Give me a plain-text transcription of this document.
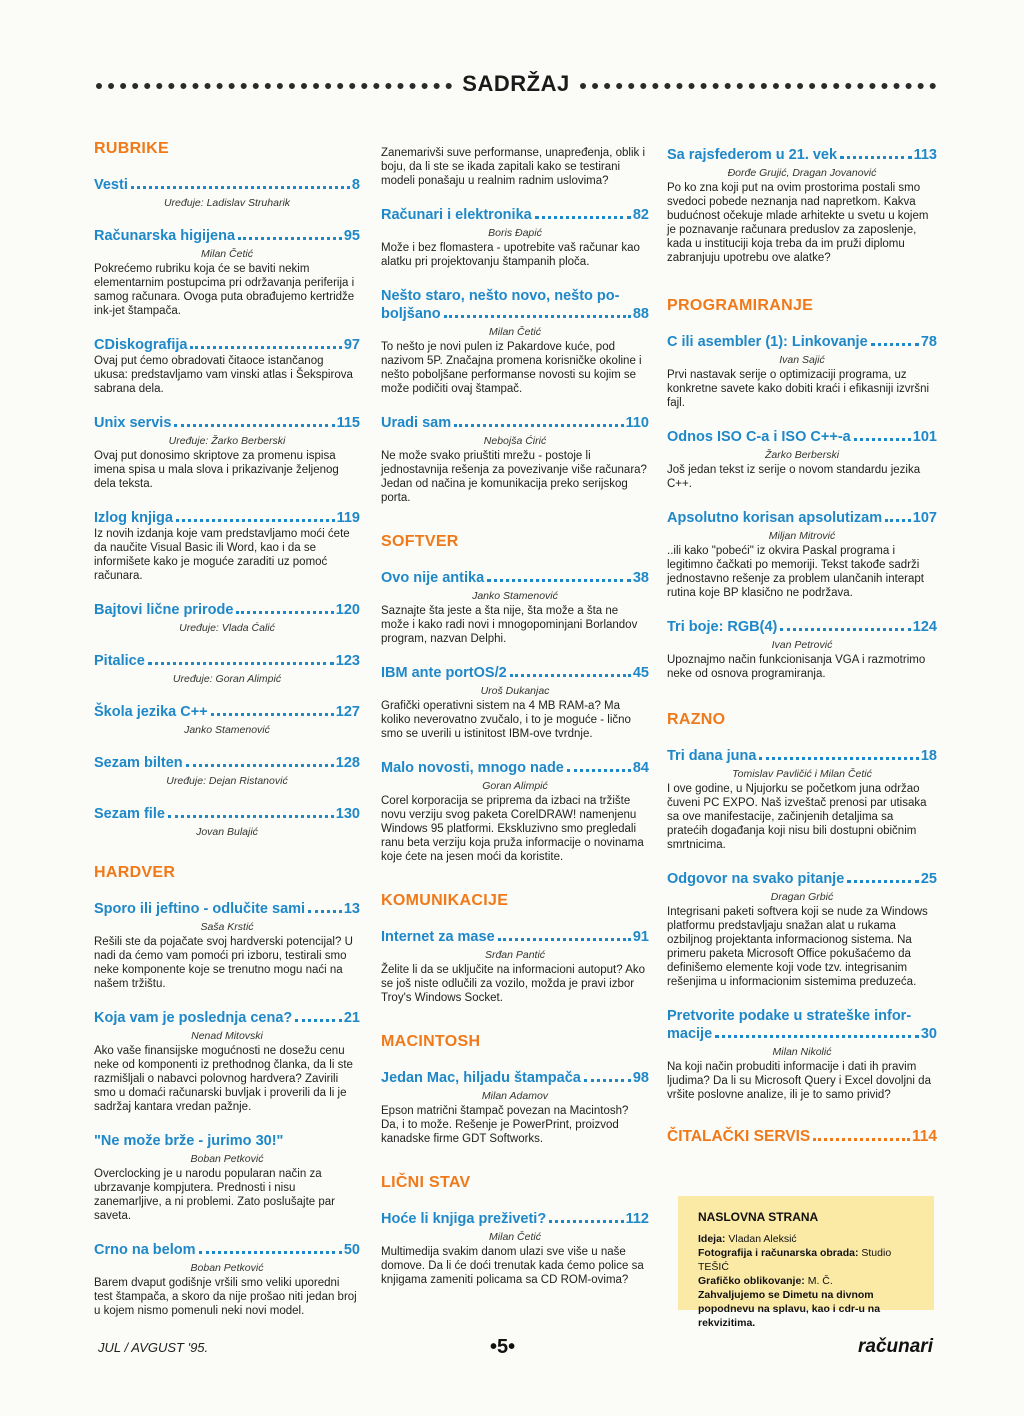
SADRŽAJ
RUBRIKE
Vesti	8
Uređuje: Ladislav Struharik
Računarska higijena	95
Milan Četić

Pokrećemo rubriku koja će se baviti nekim elementarnim postupcima pri održavanja periferija i samog računara. Ovoga puta obrađujemo kertridže ink-jet štampača.

CDiskografija	97

Ovaj put ćemo obradovati čitaoce istančanog ukusa: predstavljamo vam vinski atlas i Šekspirova sabrana dela.

Unix servis	115
Uređuje: Žarko Berberski

Ovaj put donosimo skriptove za promenu ispisa imena spisa u mala slova i prikazivanje željenog dela teksta.

Izlog knjiga	119

Iz novih izdanja koje vam predstavljamo moći ćete da naučite Visual Basic ili Word, kao i da se informišete kako je moguće zaraditi uz pomoć računara.

Bajtovi lične prirode	120
Uređuje: Vlada Ćalić
Pitalice	123
Uređuje: Goran Alimpić
Škola jezika C++	127
Janko Stamenović
Sezam bilten	128
Uređuje: Dejan Ristanović
Sezam file	130
Jovan Bulajić
HARDVER
Sporo ili jeftino - odlučite sami	13
Saša Krstić

Rešili ste da pojačate svoj hardverski potencijal? U nadi da ćemo vam pomoći pri izboru, testirali smo neke komponente koje se trenutno mogu naći na našem tržištu.

Koja vam je poslednja cena?	21
Nenad Mitovski

Ako vaše finansijske mogućnosti ne dosežu cenu neke od komponenti iz prethodnog članka, da li ste razmišljali o nabavci polovnog hardvera? Zavirili smo u domaći računarski buvljak i proverili da li je sadržaj kantara vredan pažnje.

"Ne može brže - jurimo 30!"
Boban Petković

Overclocking je u narodu popularan način za ubrzavanje kompjutera. Prednosti i nisu zanemarljive, a ni problemi. Zato poslušajte par saveta.

Crno na belom	50
Boban Petković

Barem dvaput godišnje vršili smo veliki uporedni test štampača, a skoro da nije prošao niti jedan broj u kojem nismo pomenuli neki novi model.

Zanemarivši suve performanse, unapređenja, oblik i boju, da li ste se ikada zapitali kako se testirani modeli ponašaju u realnim radnim uslovima?

Računari i elektronika	82
Boris Đapić

Može i bez flomastera - upotrebite vaš računar kao alatku pri projektovanju štampanih ploča.

Nešto staro, nešto novo, nešto po-
boljšano	88
Milan Četić

To nešto je novi pulen iz Pakardove kuće, pod nazivom 5P. Značajna promena korisničke okoline i nešto poboljšane performanse novosti su kojim se može podičiti ovaj štampač.

Uradi sam	110
Nebojša Ćirić

Ne može svako priuštiti mrežu - postoje li jednostavnija rešenja za povezivanje više računara? Jedan od načina je komunikacija preko serijskog porta.

SOFTVER
Ovo nije antika	38
Janko Stamenović

Saznajte šta jeste a šta nije, šta može a šta ne može i kako radi novi i mnogopominjani Borlandov program, nazvan Delphi.

IBM ante portOS/2	45
Uroš Dukanjac

Grafički operativni sistem na 4 MB RAM-a? Ma koliko neverovatno zvučalo, i to je moguće - lično smo se uverili u istinitost IBM-ove tvrdnje.

Malo novosti, mnogo nade	84
Goran Alimpić

Corel korporacija se priprema da izbaci na tržište novu verziju svog paketa CorelDRAW! namenjenu Windows 95 platformi. Ekskluzivno smo pregledali ranu beta verziju koja pruža informacije o novinama koje ćete na jesen moći da koristite.

KOMUNIKACIJE
Internet za mase	91
Srđan Pantić

Želite li da se uključite na informacioni autoput? Ako se još niste odlučili za vozilo, možda je pravi izbor Troy's Windows Socket.

MACINTOSH
Jedan Mac, hiljadu štampača	98
Milan Adamov

Epson matrični štampač povezan na Macintosh? Da, i to može. Rešenje je PowerPrint, proizvod kanadske firme GDT Softworks.

LIČNI STAV
Hoće li knjiga preživeti?	112
Milan Četić

Multimedija svakim danom ulazi sve više u naše domove. Da li će doći trenutak kada ćemo police sa knjigama zameniti policama sa CD ROM-ovima?

Sa rajsfederom u 21. vek	113
Đorđe Grujić, Dragan Jovanović

Po ko zna koji put na ovim prostorima postali smo svedoci pobede neznanja nad napretkom. Kakva budućnost očekuje mlade arhitekte u svetu u kojem je poznavanje računara preduslov za zaposlenje, kada u instituciji koja treba da im pruži diplomu zabranjuju upotrebu ove alatke?

PROGRAMIRANJE
C ili asembler (1): Linkovanje	78
Ivan Sajić

Prvi nastavak serije o optimizaciji programa, uz konkretne savete kako dobiti kraći i efikasniji izvršni fajl.

Odnos ISO C-a i ISO C++-a	101
Žarko Berberski

Još jedan tekst iz serije o novom standardu jezika C++.

Apsolutno korisan apsolutizam 107
Miljan Mitrović

..ili kako "pobeći" iz okvira Paskal programa i legitimno čačkati po memoriji. Tekst takođe sadrži jednostavno rešenje za problem ulančanih interapt rutina koje BP klasično ne podržava.

Tri boje: RGB(4)	124
Ivan Petrović

Upoznajmo način funkcionisanja VGA i razmotrimo neke od osnova programiranja.

RAZNO
Tri dana juna	18
Tomislav Pavličić i Milan Četić

I ove godine, u Njujorku se početkom juna održao čuveni PC EXPO. Naš izveštač prenosi par utisaka sa ove manifestacije, začinjenih detaljima sa pratećih događanja koji nisu bili dostupni običnim smrtnicima.

Odgovor na svako pitanje	25
Dragan Grbić

Integrisani paketi softvera koji se nude za Windows platformu predstavljaju snažan alat u rukama ozbiljnog projektanta informacionog sistema. Na primeru paketa Microsoft Office pokušaćemo da definišemo elemente koji vode tzv. integrisanim rešenjima u informacionim sistemima preduzeća.

Pretvorite podake u strateške infor-
macije	30
Milan Nikolić

Na koji način probuditi informacije i dati ih pravim ljudima? Da li su Microsoft Query i Excel dovoljni da vršite poslovne analize, ili je to samo privid?

ČITALAČKI SERVIS	114
NASLOVNA STRANA
Ideja: Vladan Aleksić
Fotografija i računarska obrada: Studio TEŠIĆ
Grafičko oblikovanje: M. Č.
Zahvaljujemo se Dimetu na divnom popodnevu na splavu, kao i cdr-u na rekvizitima.
JUL / AVGUST '95.	•5•	računari
